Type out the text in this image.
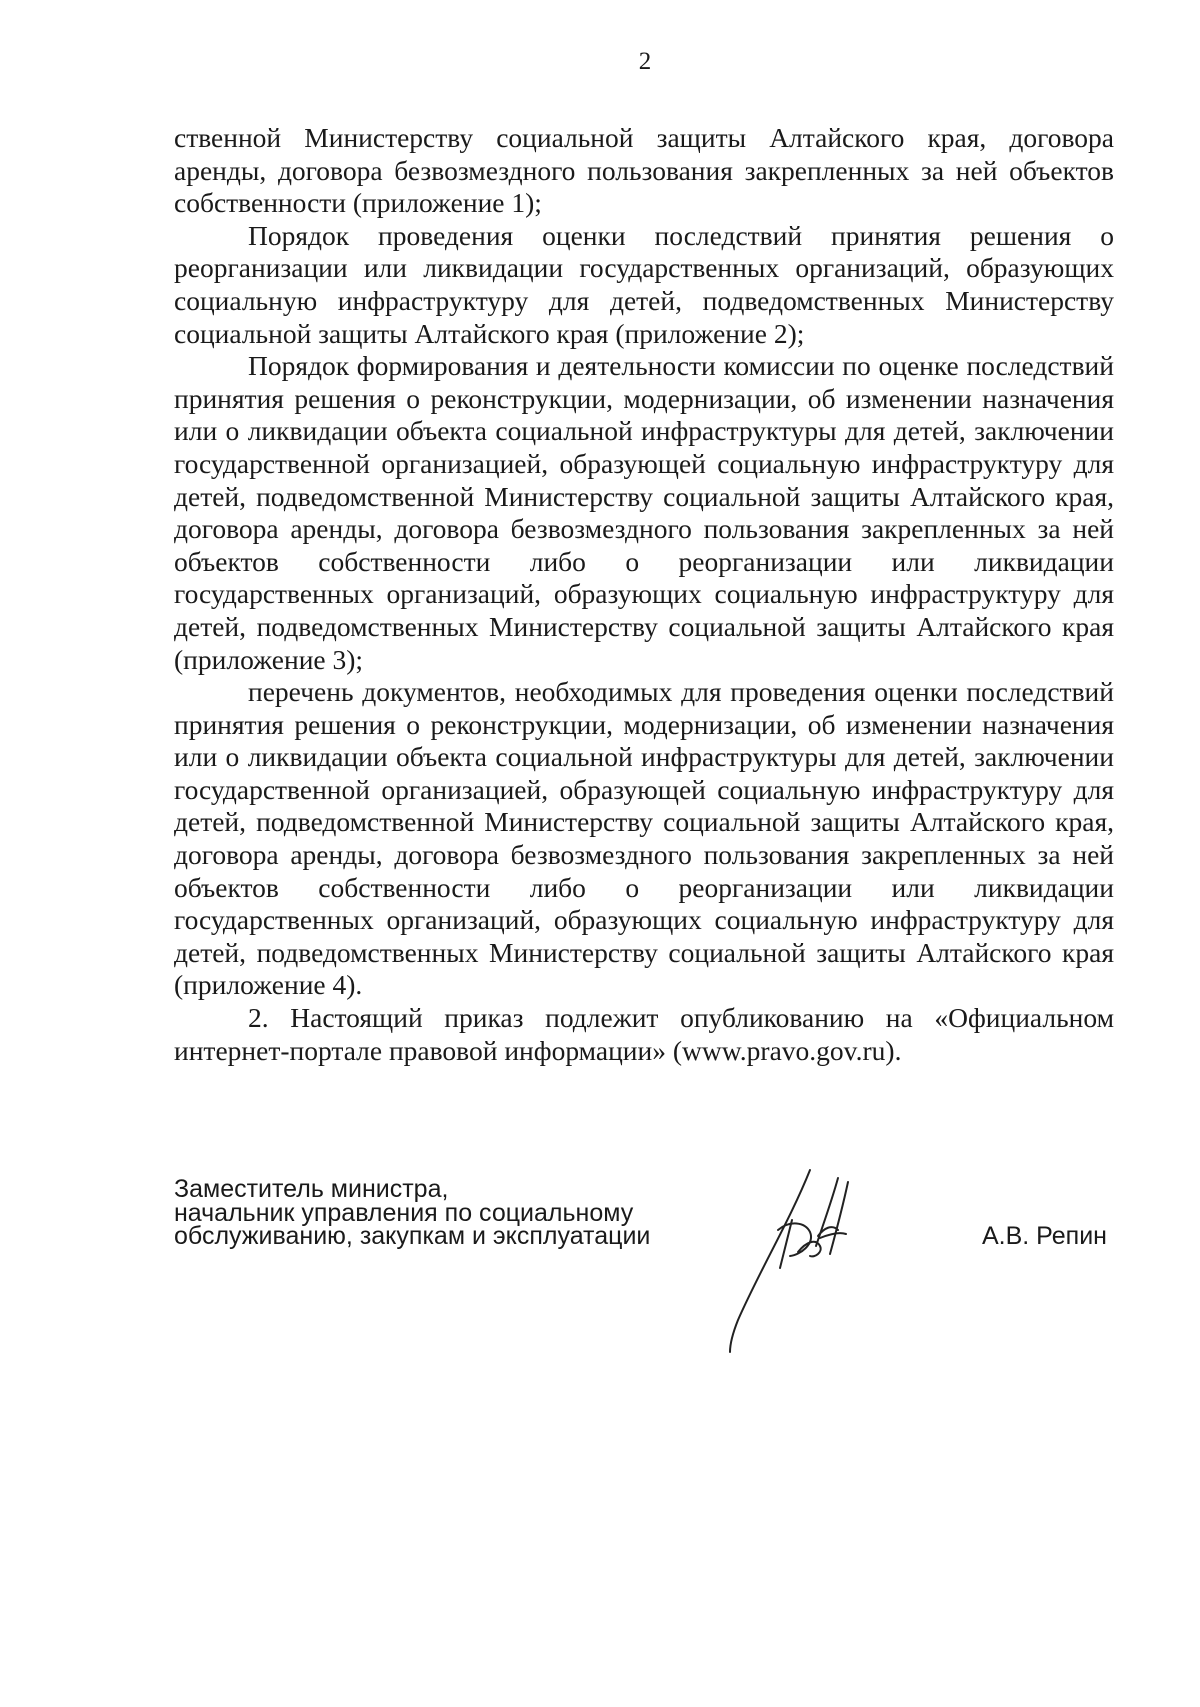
2

ственной Министерству социальной защиты Алтайского края, договора аренды, договора безвозмездного пользования закрепленных за ней объектов собственности (приложение 1);

Порядок проведения оценки последствий принятия решения о реорганизации или ликвидации государственных организаций, образующих социальную инфраструктуру для детей, подведомственных Министерству социальной защиты Алтайского края (приложение 2);

Порядок формирования и деятельности комиссии по оценке последствий принятия решения о реконструкции, модернизации, об изменении назначения или о ликвидации объекта социальной инфраструктуры для детей, заключении государственной организацией, образующей социальную инфраструктуру для детей, подведомственной Министерству социальной защиты Алтайского края, договора аренды, договора безвозмездного пользования закрепленных за ней объектов собственности либо о реорганизации или ликвидации государственных организаций, образующих социальную инфраструктуру для детей, подведомственных Министерству социальной защиты Алтайского края (приложение 3);

перечень документов, необходимых для проведения оценки последствий принятия решения о реконструкции, модернизации, об изменении назначения или о ликвидации объекта социальной инфраструктуры для детей, заключении государственной организацией, образующей социальную инфраструктуру для детей, подведомственной Министерству социальной защиты Алтайского края, договора аренды, договора безвозмездного пользования закрепленных за ней объектов собственности либо о реорганизации или ликвидации государственных организаций, образующих социальную инфраструктуру для детей, подведомственных Министерству социальной защиты Алтайского края (приложение 4).

2. Настоящий приказ подлежит опубликованию на «Официальном интернет-портале правовой информации» (www.pravo.gov.ru).

Заместитель министра,
начальник управления по социальному
обслуживанию, закупкам и эксплуатации	А.В. Репин
